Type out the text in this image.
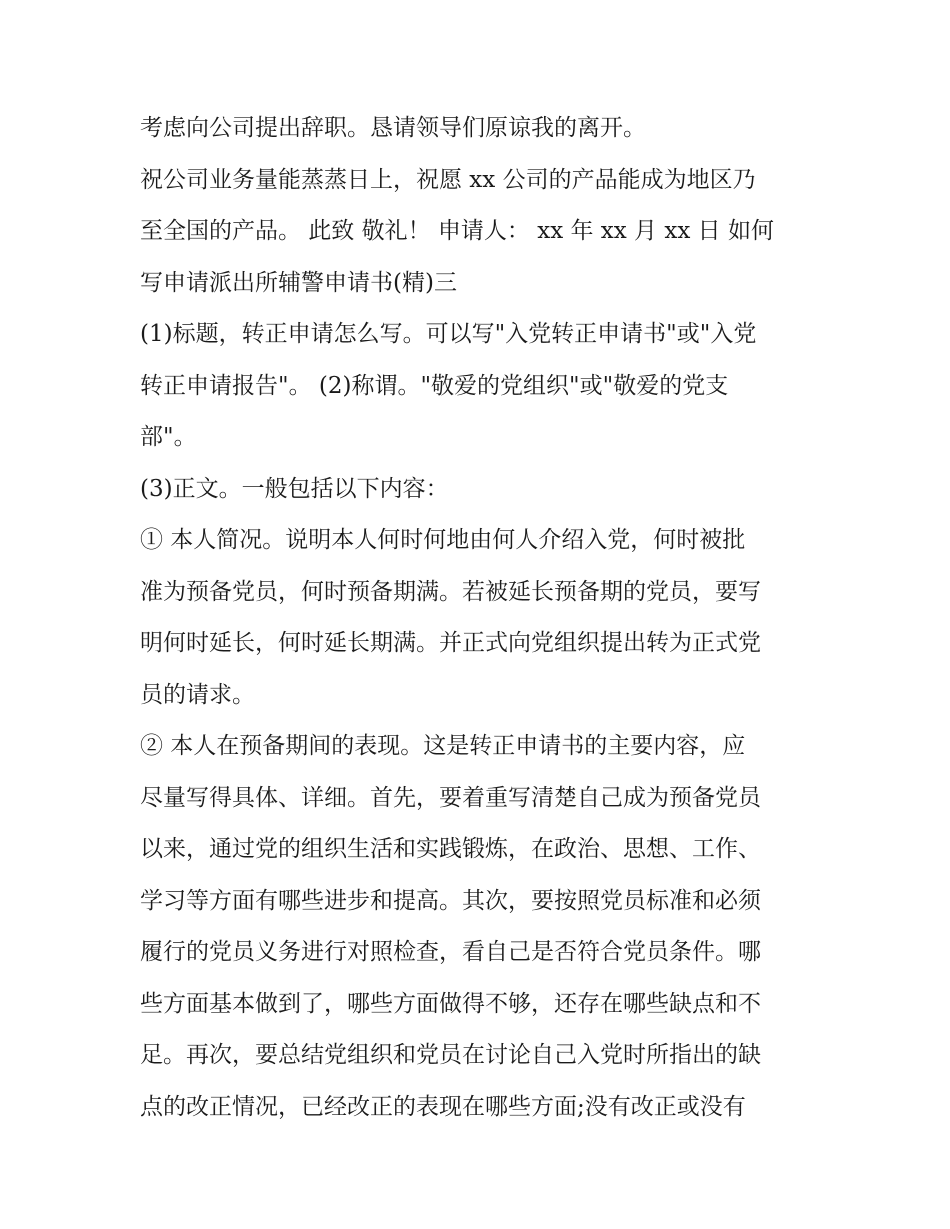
考虑向公司提出辞职。恳请领导们原谅我的离开。
祝公司业务量能蒸蒸日上，祝愿 xx 公司的产品能成为地区乃
至全国的产品。 此致 敬礼！ 申请人： xx 年 xx 月 xx 日 如何
写申请派出所辅警申请书(精)三
(1)标题，转正申请怎么写。可以写"入党转正申请书"或"入党
转正申请报告"。 (2)称谓。"敬爱的党组织"或"敬爱的党支
部"。
(3)正文。一般包括以下内容：
① 本人简况。说明本人何时何地由何人介绍入党，何时被批
准为预备党员，何时预备期满。若被延长预备期的党员，要写
明何时延长，何时延长期满。并正式向党组织提出转为正式党
员的请求。
② 本人在预备期间的表现。这是转正申请书的主要内容，应
尽量写得具体、详细。首先，要着重写清楚自己成为预备党员
以来，通过党的组织生活和实践锻炼，在政治、思想、工作、
学习等方面有哪些进步和提高。其次，要按照党员标准和必须
履行的党员义务进行对照检查，看自己是否符合党员条件。哪
些方面基本做到了，哪些方面做得不够，还存在哪些缺点和不
足。再次，要总结党组织和党员在讨论自己入党时所指出的缺
点的改正情况，已经改正的表现在哪些方面;没有改正或没有
